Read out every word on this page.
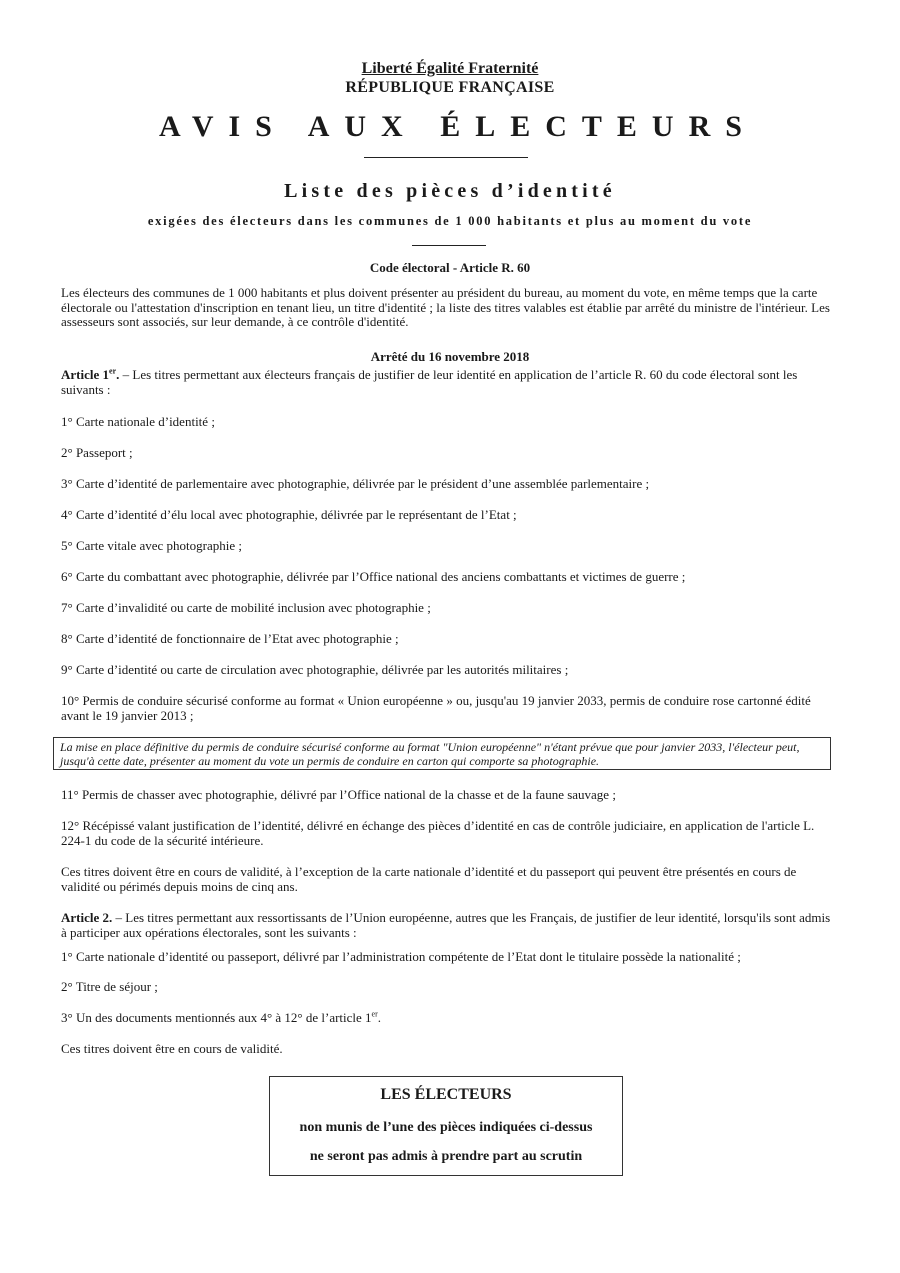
Liberté Égalité Fraternité
RÉPUBLIQUE FRANÇAISE
AVIS AUX ÉLECTEURS
Liste des pièces d’identité
exigées des électeurs dans les communes de 1 000 habitants et plus au moment du vote
Code électoral - Article R. 60
Les électeurs des communes de 1 000 habitants et plus doivent présenter au président du bureau, au moment du vote, en même temps que la carte électorale ou l'attestation d'inscription en tenant lieu, un titre d'identité ; la liste des titres valables est établie par arrêté du ministre de l'intérieur. Les assesseurs sont associés, sur leur demande, à ce contrôle d'identité.
Arrêté du 16 novembre 2018
Article 1er. – Les titres permettant aux électeurs français de justifier de leur identité en application de l’article R. 60 du code électoral sont les suivants :
1° Carte nationale d’identité ;
2° Passeport ;
3° Carte d’identité de parlementaire avec photographie, délivrée par le président d’une assemblée parlementaire ;
4° Carte d’identité d’élu local avec photographie, délivrée par le représentant de l’Etat ;
5° Carte vitale avec photographie ;
6° Carte du combattant avec photographie, délivrée par l’Office national des anciens combattants et victimes de guerre ;
7° Carte d’invalidité ou carte de mobilité inclusion avec photographie ;
8° Carte d’identité de fonctionnaire de l’Etat avec photographie ;
9° Carte d’identité ou carte de circulation avec photographie, délivrée par les autorités militaires ;
10° Permis de conduire sécurisé conforme au format « Union européenne » ou, jusqu'au 19 janvier 2033, permis de conduire rose cartonné édité avant le 19 janvier 2013 ;
La mise en place définitive du permis de conduire sécurisé conforme au format "Union européenne" n'étant prévue que pour janvier 2033, l'électeur peut, jusqu'à cette date, présenter au moment du vote un permis de conduire en carton qui comporte sa photographie.
11° Permis de chasser avec photographie, délivré par l’Office national de la chasse et de la faune sauvage ;
12° Récépissé valant justification de l’identité, délivré en échange des pièces d’identité en cas de contrôle judiciaire, en application de l'article L. 224-1 du code de la sécurité intérieure.
Ces titres doivent être en cours de validité, à l’exception de la carte nationale d’identité et du passeport qui peuvent être présentés en cours de validité ou périmés depuis moins de cinq ans.
Article 2. – Les titres permettant aux ressortissants de l’Union européenne, autres que les Français, de justifier de leur identité, lorsqu'ils sont admis à participer aux opérations électorales, sont les suivants :
1° Carte nationale d’identité ou passeport, délivré par l’administration compétente de l’Etat dont le titulaire possède la nationalité ;
2° Titre de séjour ;
3° Un des documents mentionnés aux 4° à 12° de l’article 1er.
Ces titres doivent être en cours de validité.
LES ÉLECTEURS
non munis de l’une des pièces indiquées ci-dessus
ne seront pas admis à prendre part au scrutin
